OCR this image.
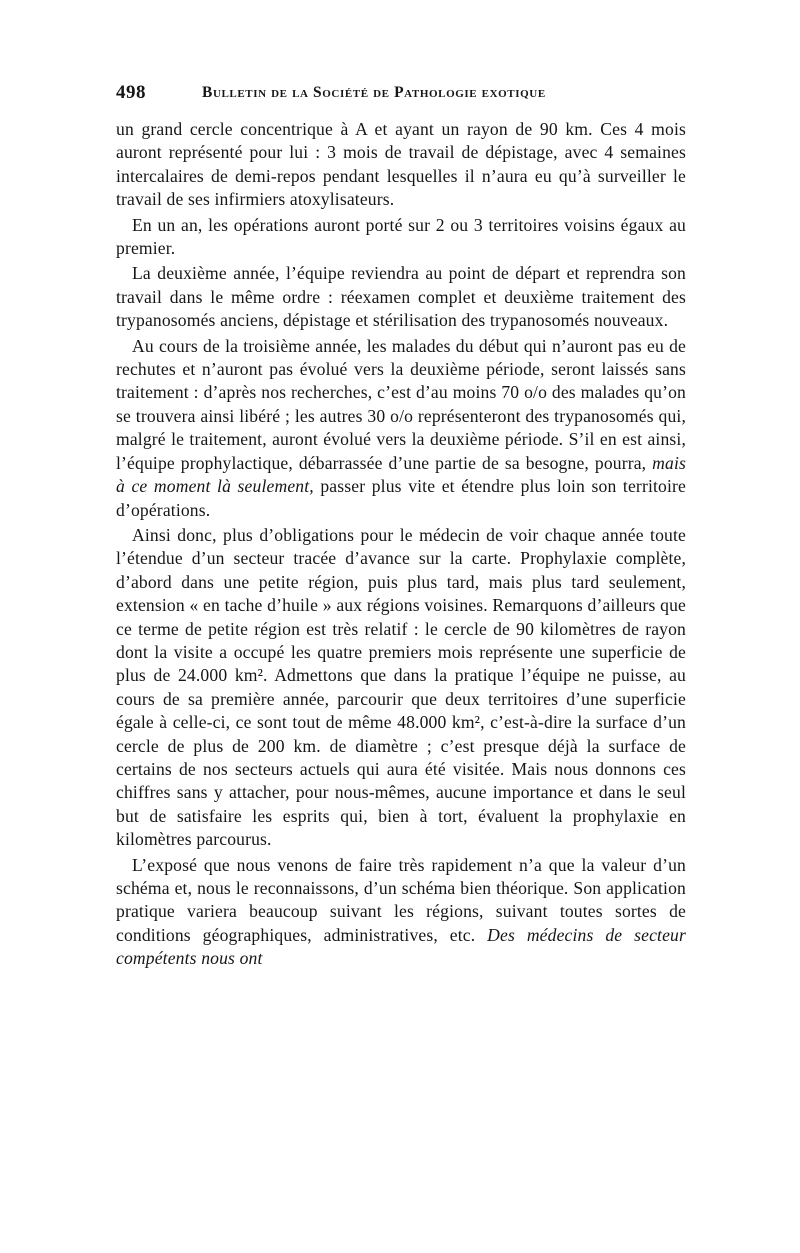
498	Bulletin de la Société de Pathologie exotique

un grand cercle concentrique à A et ayant un rayon de 90 km. Ces 4 mois auront représenté pour lui : 3 mois de travail de dépistage, avec 4 semaines intercalaires de demi-repos pendant lesquelles il n’aura eu qu’à surveiller le travail de ses infirmiers atoxylisateurs.

En un an, les opérations auront porté sur 2 ou 3 territoires voisins égaux au premier.

La deuxième année, l’équipe reviendra au point de départ et reprendra son travail dans le même ordre : réexamen complet et deuxième traitement des trypanosomés anciens, dépistage et stérilisation des trypanosomés nouveaux.

Au cours de la troisième année, les malades du début qui n’auront pas eu de rechutes et n’auront pas évolué vers la deuxième période, seront laissés sans traitement : d’après nos recherches, c’est d’au moins 70 o/o des malades qu’on se trouvera ainsi libéré ; les autres 30 o/o représenteront des trypanosomés qui, malgré le traitement, auront évolué vers la deuxième période. S’il en est ainsi, l’équipe prophylactique, débarrassée d’une partie de sa besogne, pourra, mais à ce moment là seulement, passer plus vite et étendre plus loin son territoire d’opérations.

Ainsi donc, plus d’obligations pour le médecin de voir chaque année toute l’étendue d’un secteur tracée d’avance sur la carte. Prophylaxie complète, d’abord dans une petite région, puis plus tard, mais plus tard seulement, extension « en tache d’huile » aux régions voisines. Remarquons d’ailleurs que ce terme de petite région est très relatif : le cercle de 90 kilomètres de rayon dont la visite a occupé les quatre premiers mois représente une superficie de plus de 24.000 km². Admettons que dans la pratique l’équipe ne puisse, au cours de sa première année, parcourir que deux territoires d’une superficie égale à celle-ci, ce sont tout de même 48.000 km², c’est-à-dire la surface d’un cercle de plus de 200 km. de diamètre ; c’est presque déjà la surface de certains de nos secteurs actuels qui aura été visitée. Mais nous donnons ces chiffres sans y attacher, pour nous-mêmes, aucune importance et dans le seul but de satisfaire les esprits qui, bien à tort, évaluent la prophylaxie en kilomètres parcourus.

L’exposé que nous venons de faire très rapidement n’a que la valeur d’un schéma et, nous le reconnaissons, d’un schéma bien théorique. Son application pratique variera beaucoup suivant les régions, suivant toutes sortes de conditions géographiques, administratives, etc. Des médecins de secteur compétents nous ont
